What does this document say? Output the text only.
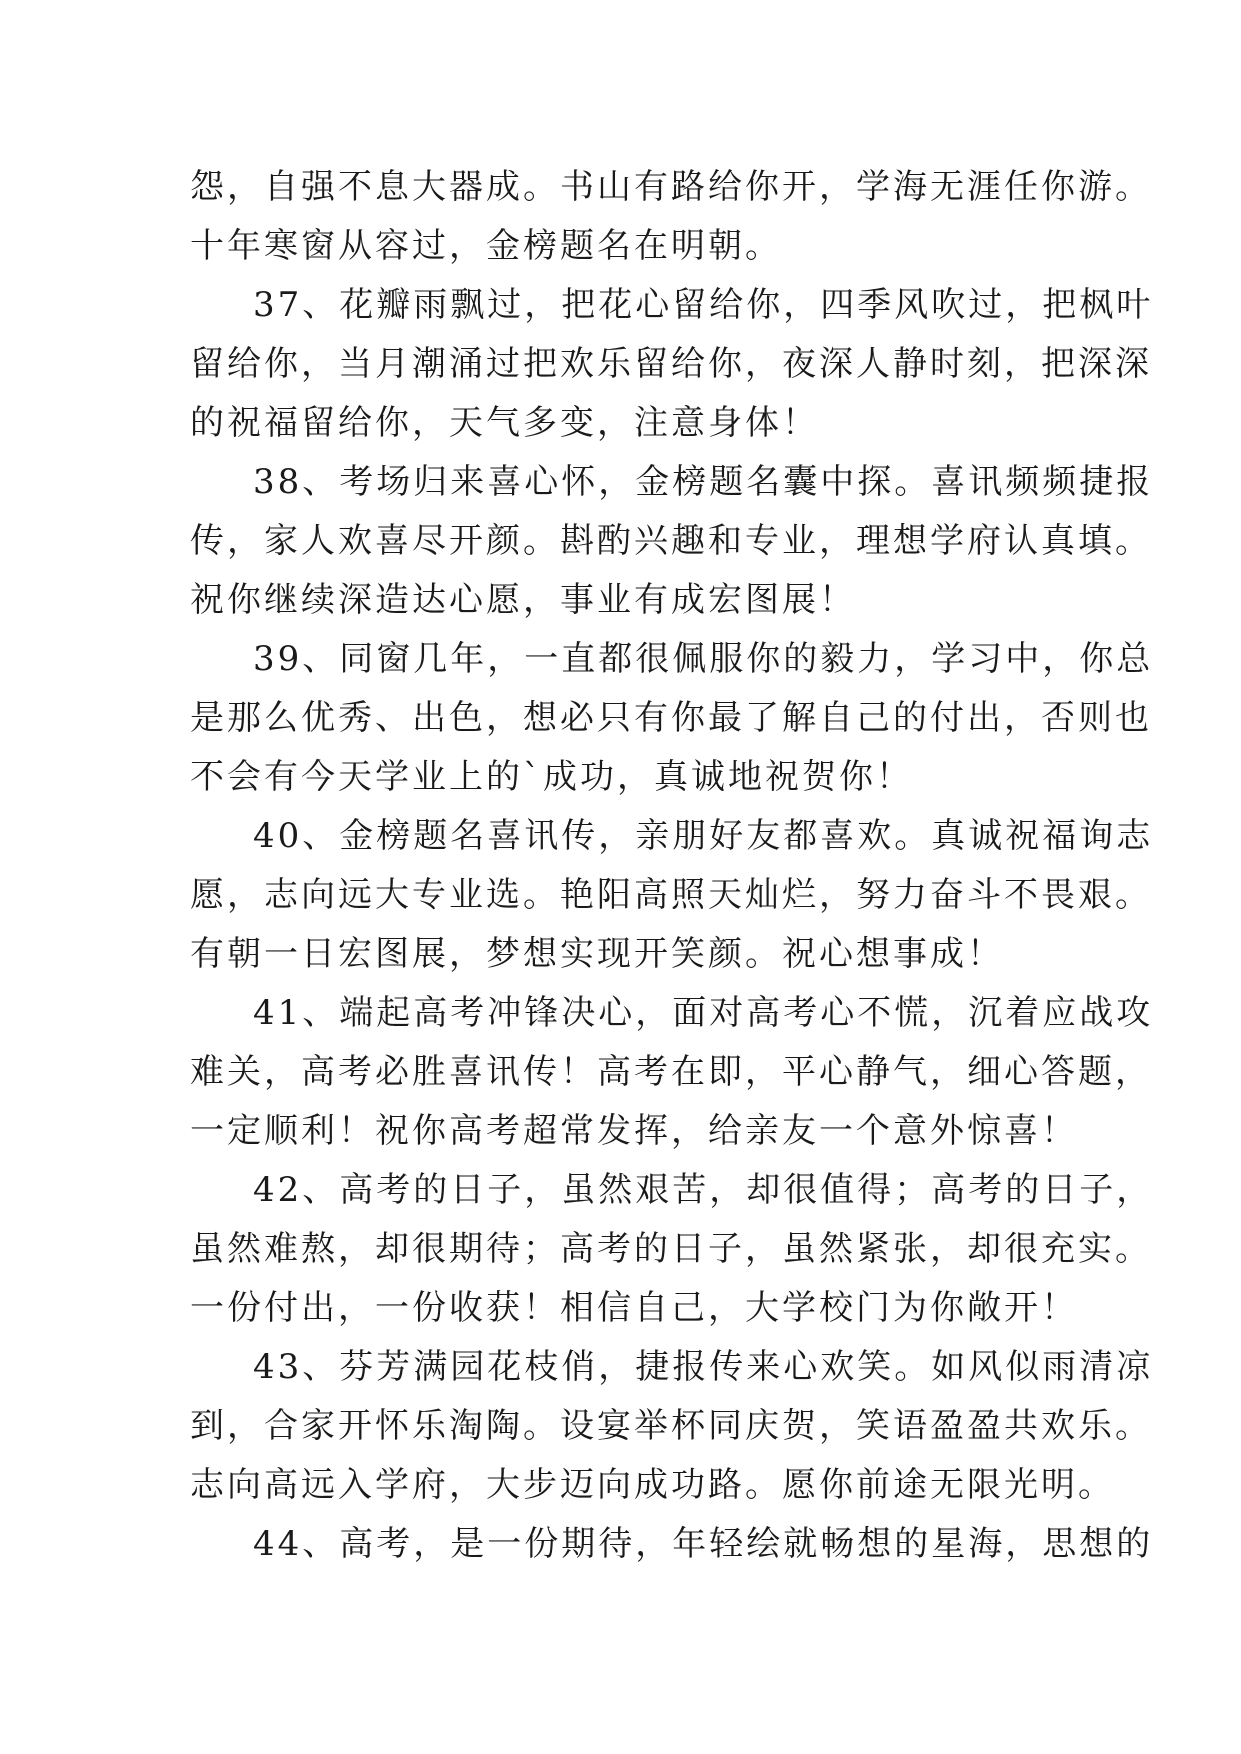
怨，自强不息大器成。书山有路给你开，学海无涯任你游。
十年寒窗从容过，金榜题名在明朝。
37、花瓣雨飘过，把花心留给你，四季风吹过，把枫叶
留给你，当月潮涌过把欢乐留给你，夜深人静时刻，把深深
的祝福留给你，天气多变，注意身体！
38、考场归来喜心怀，金榜题名囊中探。喜讯频频捷报
传，家人欢喜尽开颜。斟酌兴趣和专业，理想学府认真填。
祝你继续深造达心愿，事业有成宏图展！
39、同窗几年，一直都很佩服你的毅力，学习中，你总
是那么优秀、出色，想必只有你最了解自己的付出，否则也
不会有今天学业上的`成功，真诚地祝贺你！
40、金榜题名喜讯传，亲朋好友都喜欢。真诚祝福询志
愿，志向远大专业选。艳阳高照天灿烂，努力奋斗不畏艰。
有朝一日宏图展，梦想实现开笑颜。祝心想事成！
41、端起高考冲锋决心，面对高考心不慌，沉着应战攻
难关，高考必胜喜讯传！高考在即，平心静气，细心答题，
一定顺利！祝你高考超常发挥，给亲友一个意外惊喜！
42、高考的日子，虽然艰苦，却很值得；高考的日子，
虽然难熬，却很期待；高考的日子，虽然紧张，却很充实。
一份付出，一份收获！相信自己，大学校门为你敞开！
43、芬芳满园花枝俏，捷报传来心欢笑。如风似雨清凉
到，合家开怀乐淘陶。设宴举杯同庆贺，笑语盈盈共欢乐。
志向高远入学府，大步迈向成功路。愿你前途无限光明。
44、高考，是一份期待，年轻绘就畅想的星海，思想的
